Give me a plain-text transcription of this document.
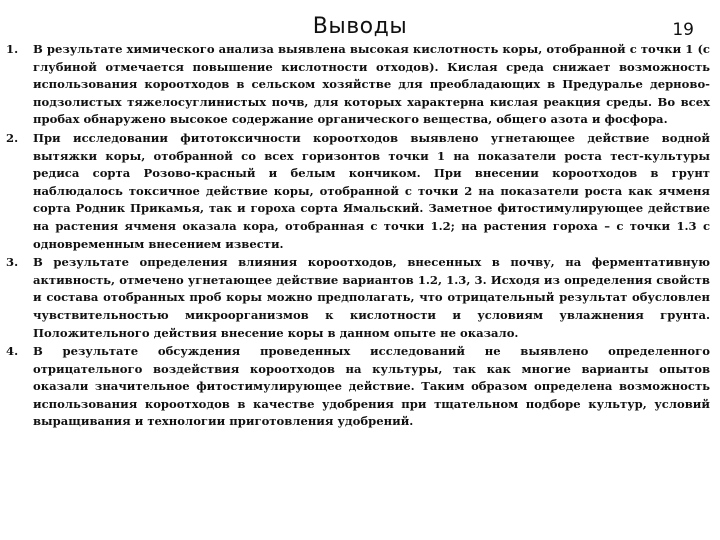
Выводы	19
1.	В результате химического анализа выявлена высокая кислотность коры, отобранной с точки 1 (с глубиной отмечается повышение кислотности отходов). Кислая среда снижает возможность использования короотходов в сельском хозяйстве для преобладающих в Предуралье дерново-подзолистых тяжелосуглинистых почв, для которых характерна кислая реакция среды. Во всех пробах обнаружено высокое содержание органического вещества, общего азота и фосфора.
2.	При исследовании фитотоксичности короотходов выявлено угнетающее действие водной вытяжки коры, отобранной со всех горизонтов точки 1 на показатели роста тест-культуры редиса сорта Розово-красный и белым кончиком. При внесении короотходов в грунт наблюдалось токсичное действие коры, отобранной с точки 2 на показатели роста как ячменя сорта Родник Прикамья, так и гороха сорта Ямальский. Заметное фитостимулирующее действие на растения ячменя оказала кора, отобранная с точки 1.2; на растения гороха – с точки 1.3 с одновременным внесением извести.
3.	В результате определения влияния короотходов, внесенных в почву, на ферментативную активность, отмечено угнетающее действие вариантов 1.2, 1.3, 3. Исходя из определения свойств и состава отобранных проб коры можно предполагать, что отрицательный результат обусловлен чувствительностью микроорганизмов к кислотности и условиям увлажнения грунта. Положительного действия внесение коры в данном опыте не оказало.
4.	В результате обсуждения проведенных исследований не выявлено определенного отрицательного воздействия короотходов на культуры, так как многие варианты опытов оказали значительное фитостимулирующее действие. Таким образом определена возможность использования короотходов в качестве удобрения при тщательном подборе культур, условий выращивания и технологии приготовления удобрений.
